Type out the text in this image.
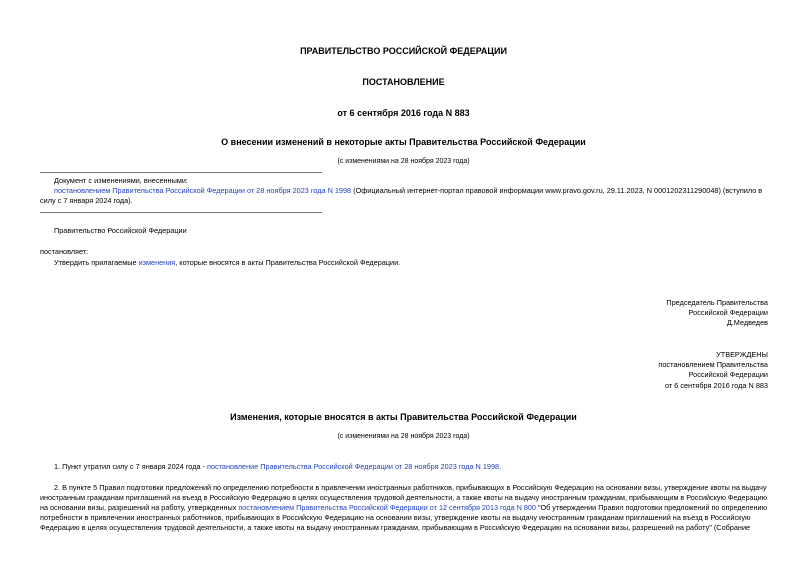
ПРАВИТЕЛЬСТВО РОССИЙСКОЙ ФЕДЕРАЦИИ
ПОСТАНОВЛЕНИЕ
от 6 сентября 2016 года N 883
О внесении изменений в некоторые акты Правительства Российской Федерации
(с изменениями на 28 ноября 2023 года)
Документ с изменениями, внесенными:
постановлением Правительства Российской Федерации от 28 ноября 2023 года N 1998 (Официальный интернет-портал правовой информации www.pravo.gov.ru, 29.11.2023, N 0001202311290048) (вступило в
силу с 7 января 2024 года).
Правительство Российской Федерации
постановляет:
Утвердить прилагаемые изменения, которые вносятся в акты Правительства Российской Федерации.
Председатель Правительства
Российской Федерации
Д.Медведев
УТВЕРЖДЕНЫ
постановлением Правительства
Российской Федерации
от 6 сентября 2016 года N 883
Изменения, которые вносятся в акты Правительства Российской Федерации
(с изменениями на 28 ноября 2023 года)
1. Пункт утратил силу с 7 января 2024 года - постановление Правительства Российской Федерации от 28 ноября 2023 года N 1998.
2. В пункте 5 Правил подготовки предложений по определению потребности в привлечении иностранных работников, прибывающих в Российскую Федерацию на основании визы, утверждение квоты на выдачу
иностранным гражданам приглашений на въезд в Российскую Федерацию в целях осуществления трудовой деятельности, а также квоты на выдачу иностранным гражданам, прибывающим в Российскую Федерацию
на основании визы, разрешений на работу, утвержденных постановлением Правительства Российской Федерации от 12 сентября 2013 года N 800 "Об утверждении Правил подготовки предложений по определению
потребности в привлечении иностранных работников, прибывающих в Российскую Федерацию на основании визы, утверждение квоты на выдачу иностранным гражданам приглашений на въезд в Российскую
Федерацию в целях осуществления трудовой деятельности, а также квоты на выдачу иностранным гражданам, прибывающим в Российскую Федерацию на основании визы, разрешений на работу" (Собрание
